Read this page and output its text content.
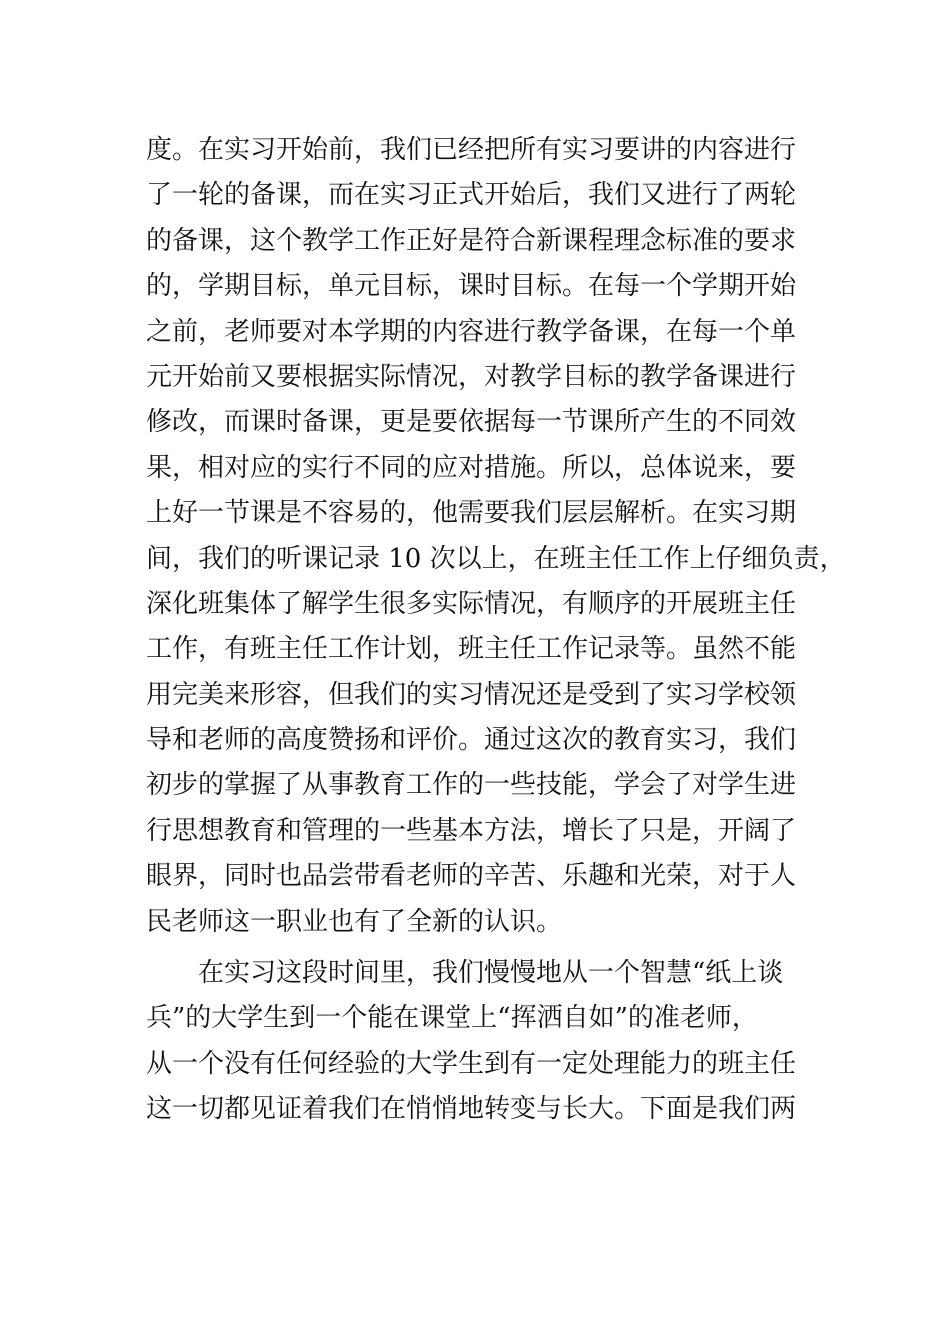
度。在实习开始前，我们已经把所有实习要讲的内容进行
了一轮的备课，而在实习正式开始后，我们又进行了两轮
的备课，这个教学工作正好是符合新课程理念标准的要求
的，学期目标，单元目标，课时目标。在每一个学期开始
之前，老师要对本学期的内容进行教学备课，在每一个单
元开始前又要根据实际情况，对教学目标的教学备课进行
修改，而课时备课，更是要依据每一节课所产生的不同效
果，相对应的实行不同的应对措施。所以，总体说来，要
上好一节课是不容易的，他需要我们层层解析。在实习期
间，我们的听课记录 10 次以上，在班主任工作上仔细负责，
深化班集体了解学生很多实际情况，有顺序的开展班主任
工作，有班主任工作计划，班主任工作记录等。虽然不能
用完美来形容，但我们的实习情况还是受到了实习学校领
导和老师的高度赞扬和评价。通过这次的教育实习，我们
初步的掌握了从事教育工作的一些技能，学会了对学生进
行思想教育和管理的一些基本方法，增长了只是，开阔了
眼界，同时也品尝带看老师的辛苦、乐趣和光荣，对于人
民老师这一职业也有了全新的认识。
在实习这段时间里，我们慢慢地从一个智慧“纸上谈
兵”的大学生到一个能在课堂上“挥洒自如”的准老师，
从一个没有任何经验的大学生到有一定处理能力的班主任
这一切都见证着我们在悄悄地转变与长大。下面是我们两
